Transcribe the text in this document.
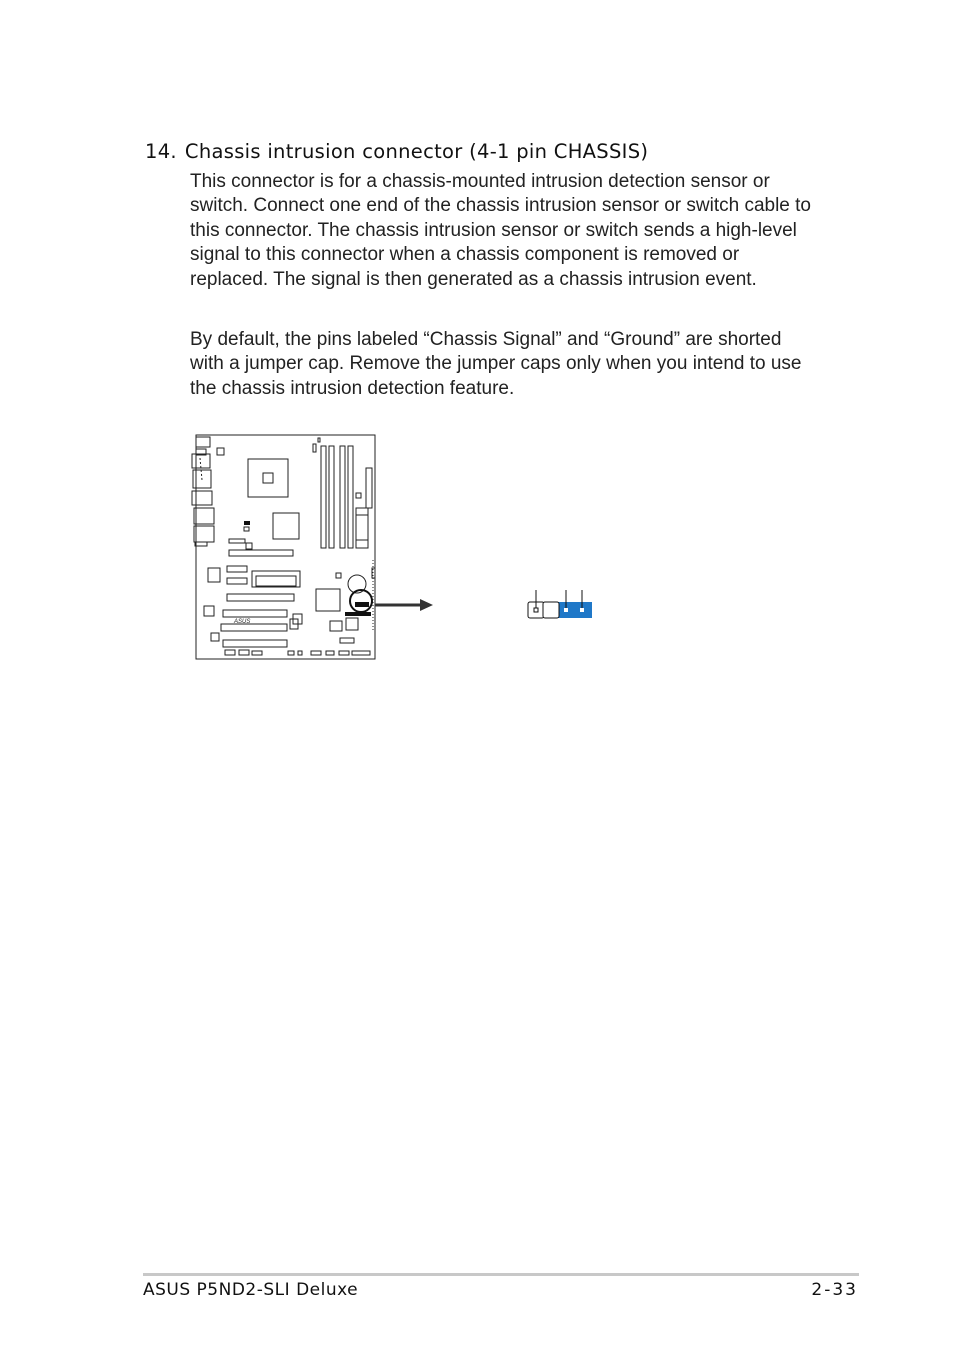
14. Chassis intrusion connector (4-1 pin CHASSIS)
This connector is for a chassis-mounted intrusion detection sensor or switch. Connect one end of the chassis intrusion sensor or switch cable to this connector. The chassis intrusion sensor or switch sends a high-level signal to this connector when a chassis component is removed or replaced. The signal is then generated as a chassis intrusion event.
By default, the pins labeled “Chassis Signal” and “Ground” are shorted with a jumper cap. Remove the jumper caps only when you intend to use the chassis intrusion detection feature.
ASUS
ASUS P5ND2-SLI Deluxe	2-33
